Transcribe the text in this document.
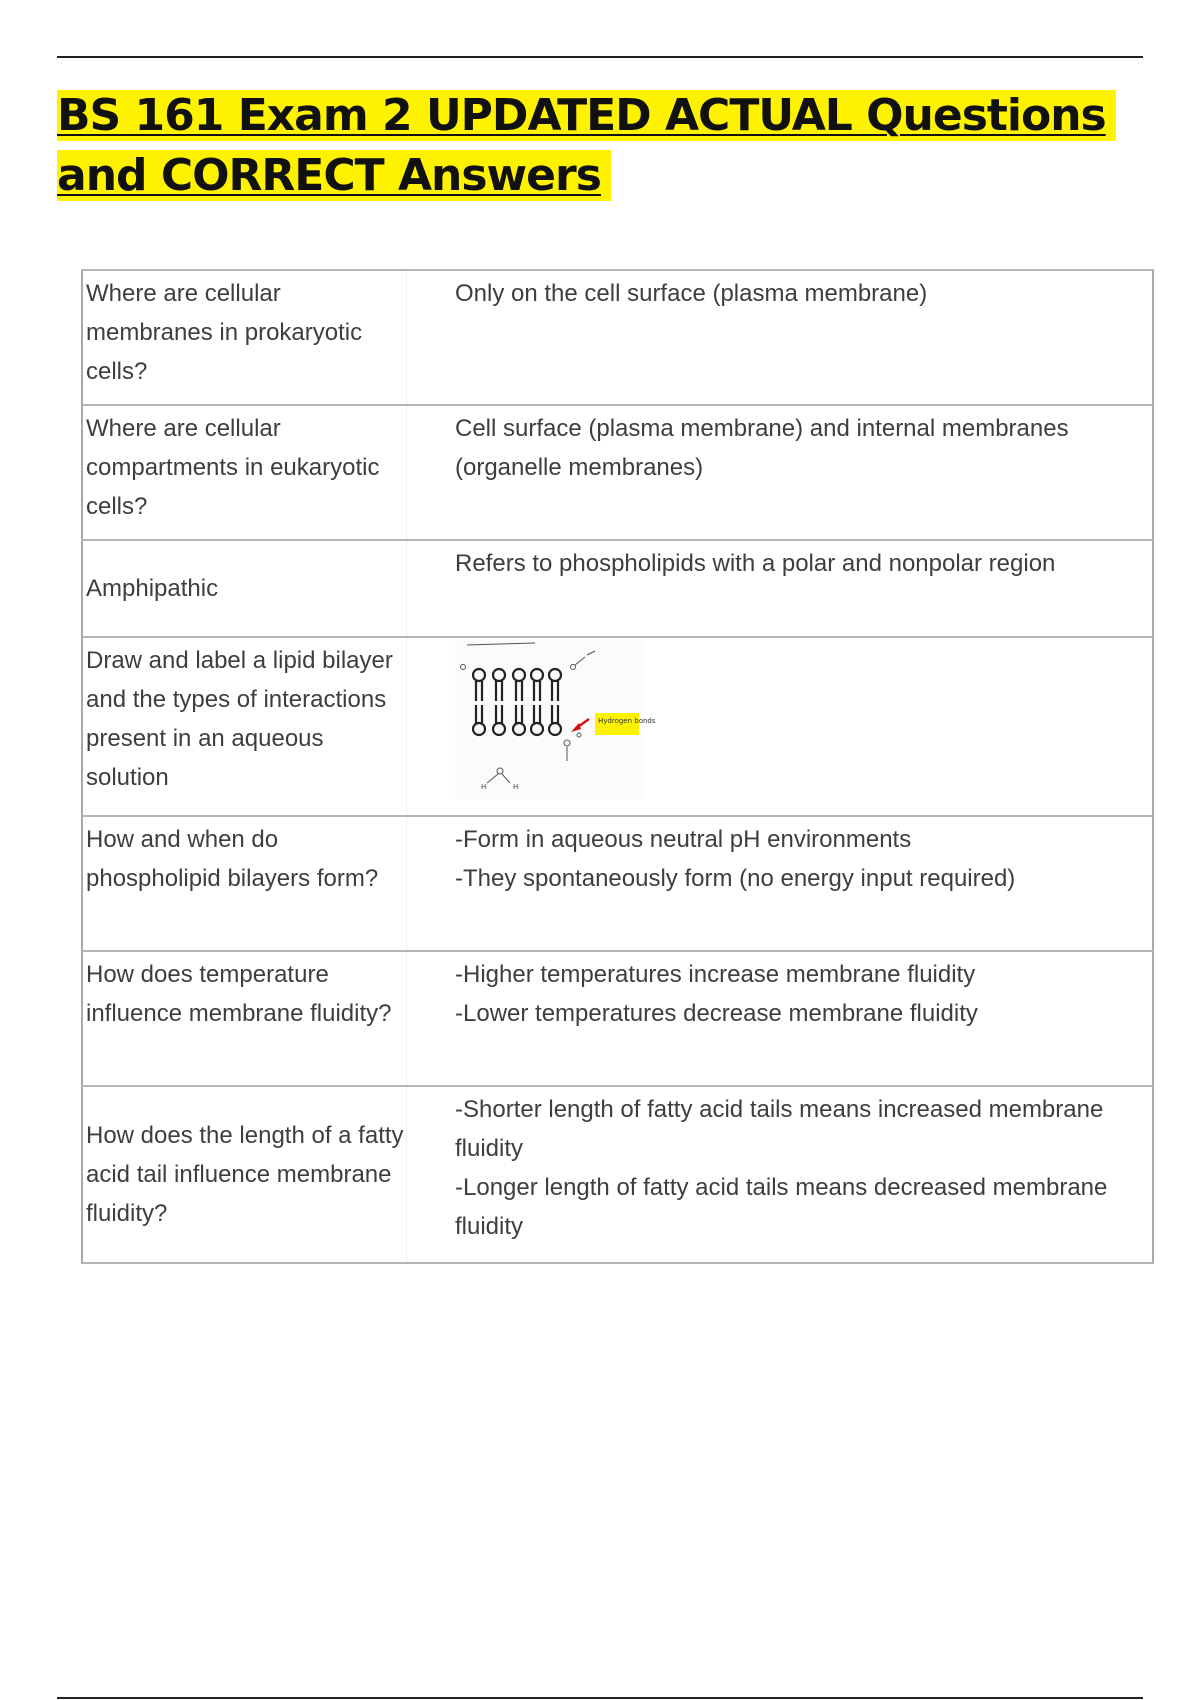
BS 161 Exam 2 UPDATED ACTUAL Questions and CORRECT Answers
Where are cellular membranes in prokaryotic cells?	Only on the cell surface (plasma membrane)

Where are cellular compartments in eukaryotic cells?	Cell surface (plasma membrane) and internal membranes (organelle membranes)

Amphipathic	Refers to phospholipids with a polar and nonpolar region

Draw and label a lipid bilayer and the types of interactions present in an aqueous solution	H H
Hydrogen bonds

How and when do phospholipid bilayers form?	-Form in aqueous neutral pH environments
-They spontaneously form (no energy input required)

How does temperature influence membrane fluidity?	-Higher temperatures increase membrane fluidity
-Lower temperatures decrease membrane fluidity

How does the length of a fatty acid tail influence membrane fluidity?	-Shorter length of fatty acid tails means increased membrane fluidity
-Longer length of fatty acid tails means decreased membrane fluidity
